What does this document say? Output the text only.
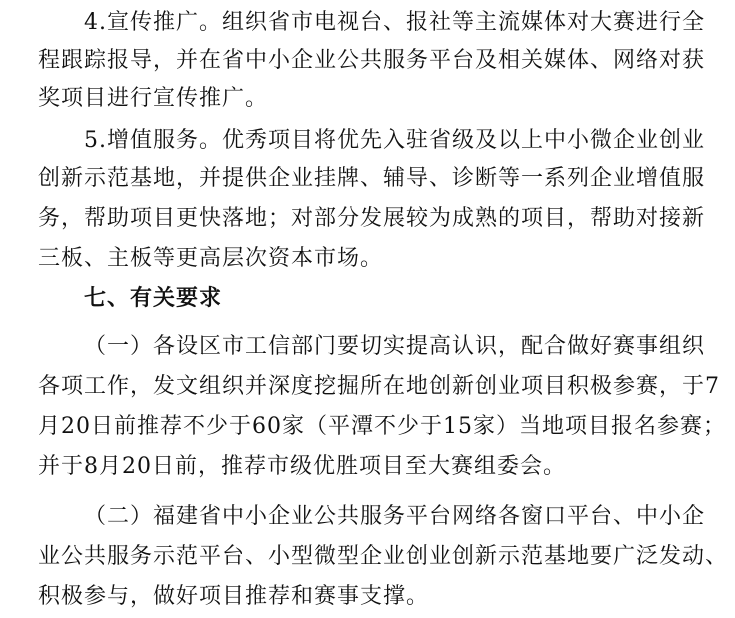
4.宣传推广。组织省市电视台、报社等主流媒体对大赛进行全
程跟踪报导，并在省中小企业公共服务平台及相关媒体、网络对获
奖项目进行宣传推广。
5.增值服务。优秀项目将优先入驻省级及以上中小微企业创业
创新示范基地，并提供企业挂牌、辅导、诊断等一系列企业增值服
务，帮助项目更快落地；对部分发展较为成熟的项目，帮助对接新
三板、主板等更高层次资本市场。
七、有关要求
（一）各设区市工信部门要切实提高认识，配合做好赛事组织
各项工作，发文组织并深度挖掘所在地创新创业项目积极参赛，于7
月20日前推荐不少于60家（平潭不少于15家）当地项目报名参赛；
并于8月20日前，推荐市级优胜项目至大赛组委会。
（二）福建省中小企业公共服务平台网络各窗口平台、中小企
业公共服务示范平台、小型微型企业创业创新示范基地要广泛发动、
积极参与，做好项目推荐和赛事支撑。
